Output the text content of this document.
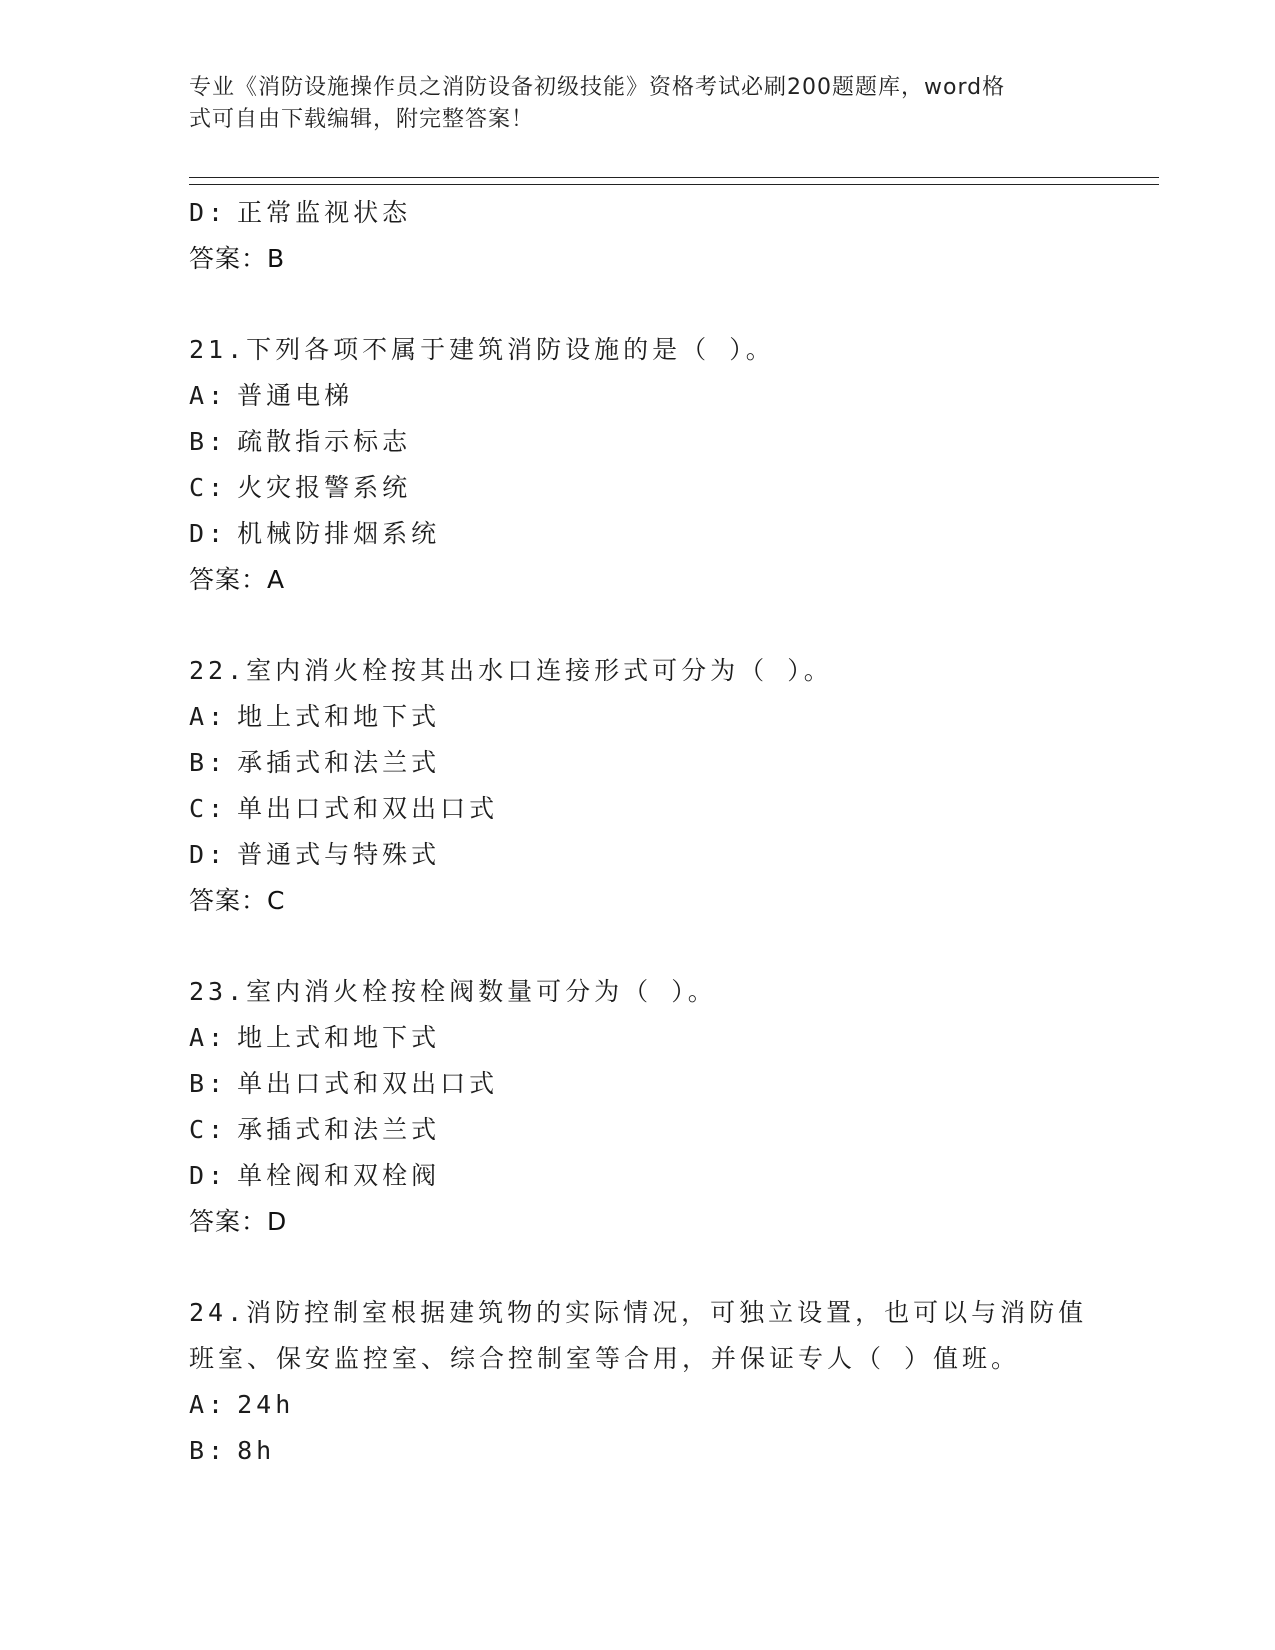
专业《消防设施操作员之消防设备初级技能》资格考试必刷200题题库，word格
式可自由下载编辑，附完整答案！
D: 正常监视状态
答案：B
21.下列各项不属于建筑消防设施的是（ ）。
A: 普通电梯
B: 疏散指示标志
C: 火灾报警系统
D: 机械防排烟系统
答案：A
22.室内消火栓按其出水口连接形式可分为（ ）。
A: 地上式和地下式
B: 承插式和法兰式
C: 单出口式和双出口式
D: 普通式与特殊式
答案：C
23.室内消火栓按栓阀数量可分为（ ）。
A: 地上式和地下式
B: 单出口式和双出口式
C: 承插式和法兰式
D: 单栓阀和双栓阀
答案：D
24.消防控制室根据建筑物的实际情况，可独立设置，也可以与消防值
班室、保安监控室、综合控制室等合用，并保证专人（ ）值班。
A: 24h
B: 8h
